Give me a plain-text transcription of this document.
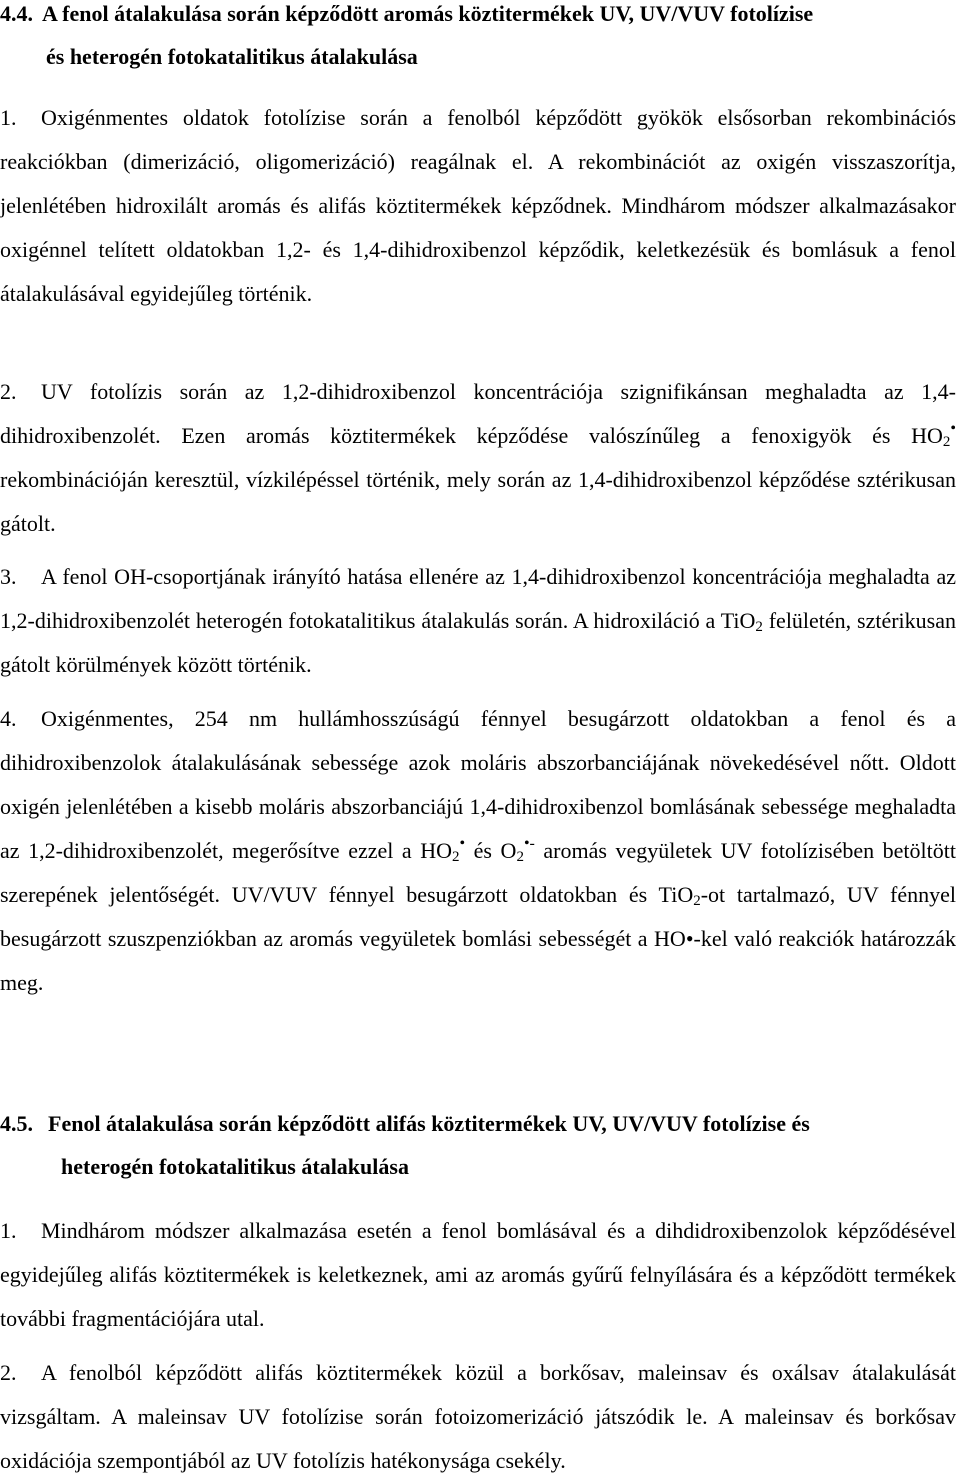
4.4. A fenol átalakulása során képződött aromás köztitermékek UV, UV/VUV fotolízise
és heterogén fotokatalitikus átalakulása

1. Oxigénmentes oldatok fotolízise során a fenolból képződött gyökök elsősorban rekombinációs reakciókban (dimerizáció, oligomerizáció) reagálnak el. A rekombinációt az oxigén visszaszorítja, jelenlétében hidroxilált aromás és alifás köztitermékek képződnek. Mindhárom módszer alkalmazásakor oxigénnel telített oldatokban 1,2- és 1,4-dihidroxibenzol képződik, keletkezésük és bomlásuk a fenol átalakulásával egyidejűleg történik.

2. UV fotolízis során az 1,2-dihidroxibenzol koncentrációja szignifikánsan meghaladta az 1,4-dihidroxibenzolét. Ezen aromás köztitermékek képződése valószínűleg a fenoxigyök és $HO_2^•$ rekombinációján keresztül, vízkilépéssel történik, mely során az 1,4-dihidroxibenzol képződése sztérikusan gátolt.

3. A fenol OH-csoportjának irányító hatása ellenére az 1,4-dihidroxibenzol koncentrációja meghaladta az 1,2-dihidroxibenzolét heterogén fotokatalitikus átalakulás során. A hidroxiláció a TiO$_2$ felületén, sztérikusan gátolt körülmények között történik.

4. Oxigénmentes, 254 nm hullámhosszúságú fénnyel besugárzott oldatokban a fenol és a dihidroxibenzolok átalakulásának sebessége azok moláris abszorbanciájának növekedésével nőtt. Oldott oxigén jelenlétében a kisebb moláris abszorbanciájú 1,4-dihidroxibenzol bomlásának sebessége meghaladta az 1,2-dihidroxibenzolét, megerősítve ezzel a $HO_2^•$ és $O_2^{•-}$ aromás vegyületek UV fotolízisében betöltött szerepének jelentőségét. UV/VUV fénnyel besugárzott oldatokban és TiO$_2$-ot tartalmazó, UV fénnyel besugárzott szuszpenziókban az aromás vegyületek bomlási sebességét a HO•-kel való reakciók határozzák meg.

4.5. Fenol átalakulása során képződött alifás köztitermékek UV, UV/VUV fotolízise és
heterogén fotokatalitikus átalakulása

1. Mindhárom módszer alkalmazása esetén a fenol bomlásával és a dihdidroxibenzolok képződésével egyidejűleg alifás köztitermékek is keletkeznek, ami az aromás gyűrű felnyílására és a képződött termékek további fragmentációjára utal.

2. A fenolból képződött alifás köztitermékek közül a borkősav, maleinsav és oxálsav átalakulását vizsgáltam. A maleinsav UV fotolízise során fotoizomerizáció játszódik le. A maleinsav és borkősav oxidációja szempontjából az UV fotolízis hatékonysága csekély.
